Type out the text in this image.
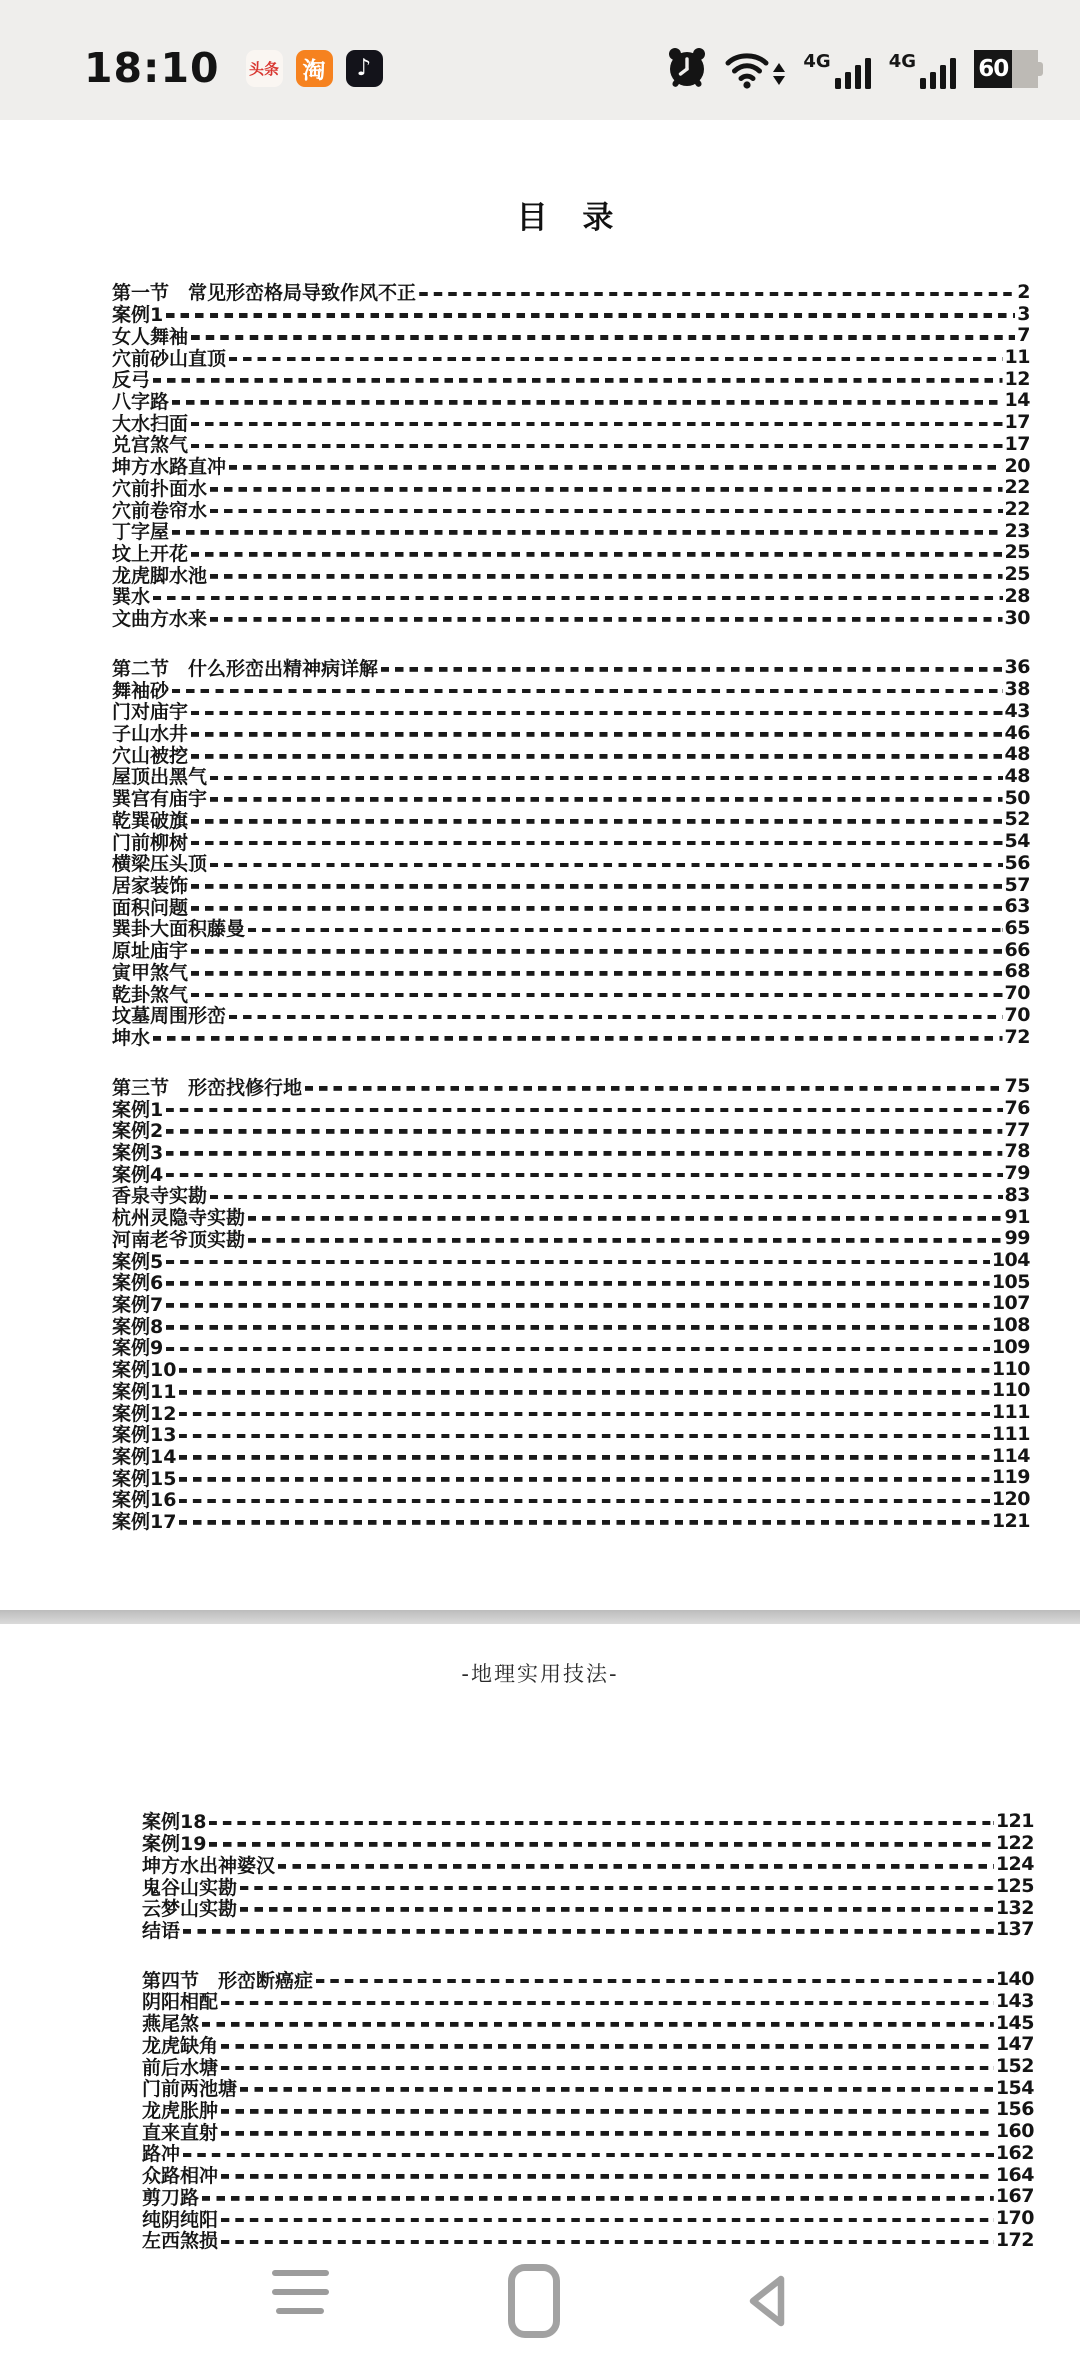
18:10 头条	淘	♪	4G	4G	60
目 录
第一节　常见形峦格局导致作风不正	2
案例1	3
女人舞袖	7
穴前砂山直顶	11
反弓	12
八字路	14
大水扫面	17
兑宫煞气	17
坤方水路直冲	20
穴前扑面水	22
穴前卷帘水	22
丁字屋	23
坟上开花	25
龙虎脚水池	25
巽水	28
文曲方水来	30
第二节　什么形峦出精神病详解	36
舞袖砂	38
门对庙宇	43
子山水井	46
穴山被挖	48
屋顶出黑气	48
巽宫有庙宇	50
乾巽破旗	52
门前柳树	54
横梁压头顶	56
居家装饰	57
面积问题	63
巽卦大面积藤曼	65
原址庙宇	66
寅甲煞气	68
乾卦煞气	70
坟墓周围形峦	70
坤水	72
第三节　形峦找修行地	75
案例1	76
案例2	77
案例3	78
案例4	79
香泉寺实勘	83
杭州灵隐寺实勘	91
河南老爷顶实勘	99
案例5	104
案例6	105
案例7	107
案例8	108
案例9	109
案例10	110
案例11	110
案例12	111
案例13	111
案例14	114
案例15	119
案例16	120
案例17	121
-地理实用技法-
案例18	121
案例19	122
坤方水出神婆汉	124
鬼谷山实勘	125
云梦山实勘	132
结语	137
第四节　形峦断癌症	140
阴阳相配	143
燕尾煞	145
龙虎缺角	147
前后水塘	152
门前两池塘	154
龙虎胀肿	156
直来直射	160
路冲	162
众路相冲	164
剪刀路	167
纯阴纯阳	170
左西煞损	172
